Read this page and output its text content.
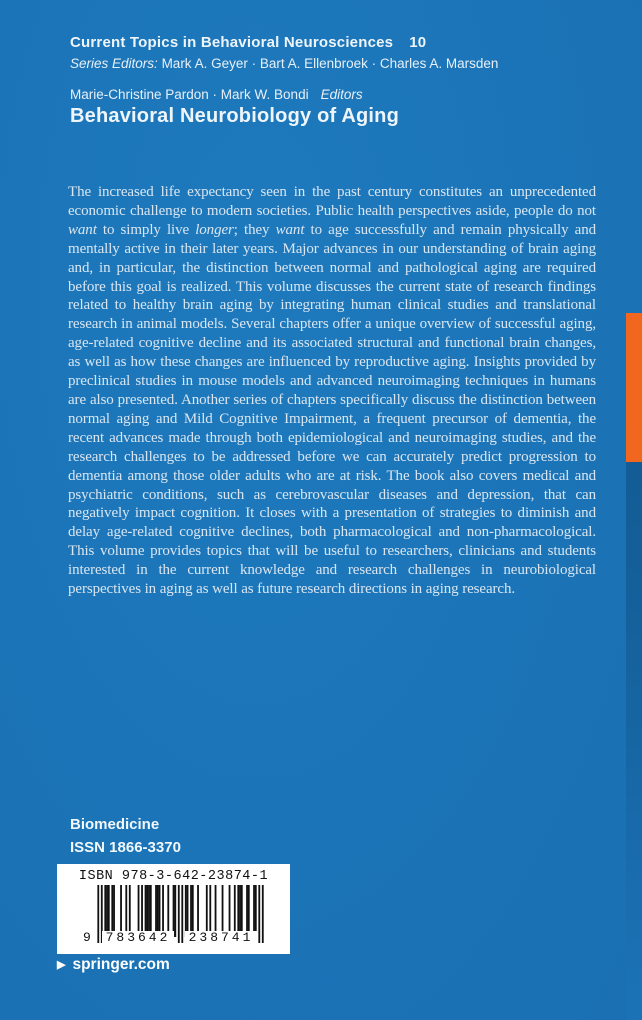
Current Topics in Behavioral Neurosciences 10
Series Editors: Mark A. Geyer · Bart A. Ellenbroek · Charles A. Marsden
Marie-Christine Pardon · Mark W. Bondi Editors
Behavioral Neurobiology of Aging
The increased life expectancy seen in the past century constitutes an unprecedented economic challenge to modern societies. Public health perspectives aside, people do not want to simply live longer; they want to age successfully and remain physically and mentally active in their later years. Major advances in our understanding of brain aging and, in particular, the distinction between normal and pathological aging are required before this goal is realized. This volume discusses the current state of research findings related to healthy brain aging by integrating human clinical studies and translational research in animal models. Several chapters offer a unique overview of successful aging, age-related cognitive decline and its associated structural and functional brain changes, as well as how these changes are influenced by reproductive aging. Insights provided by preclinical studies in mouse models and advanced neuroimaging techniques in humans are also presented. Another series of chapters specifically discuss the distinction between normal aging and Mild Cognitive Impairment, a frequent precursor of dementia, the recent advances made through both epidemiological and neuroimaging studies, and the research challenges to be addressed before we can accurately predict progression to dementia among those older adults who are at risk. The book also covers medical and psychiatric conditions, such as cerebrovascular diseases and depression, that can negatively impact cognition. It closes with a presentation of strategies to diminish and delay age-related cognitive declines, both pharmacological and non-pharmacological. This volume provides topics that will be useful to researchers, clinicians and students interested in the current knowledge and research challenges in neurobiological perspectives in aging as well as future research directions in aging research.
Biomedicine
ISSN 1866-3370
ISBN 978-3-642-23874-1
9 783642 238741
▶ springer.com
